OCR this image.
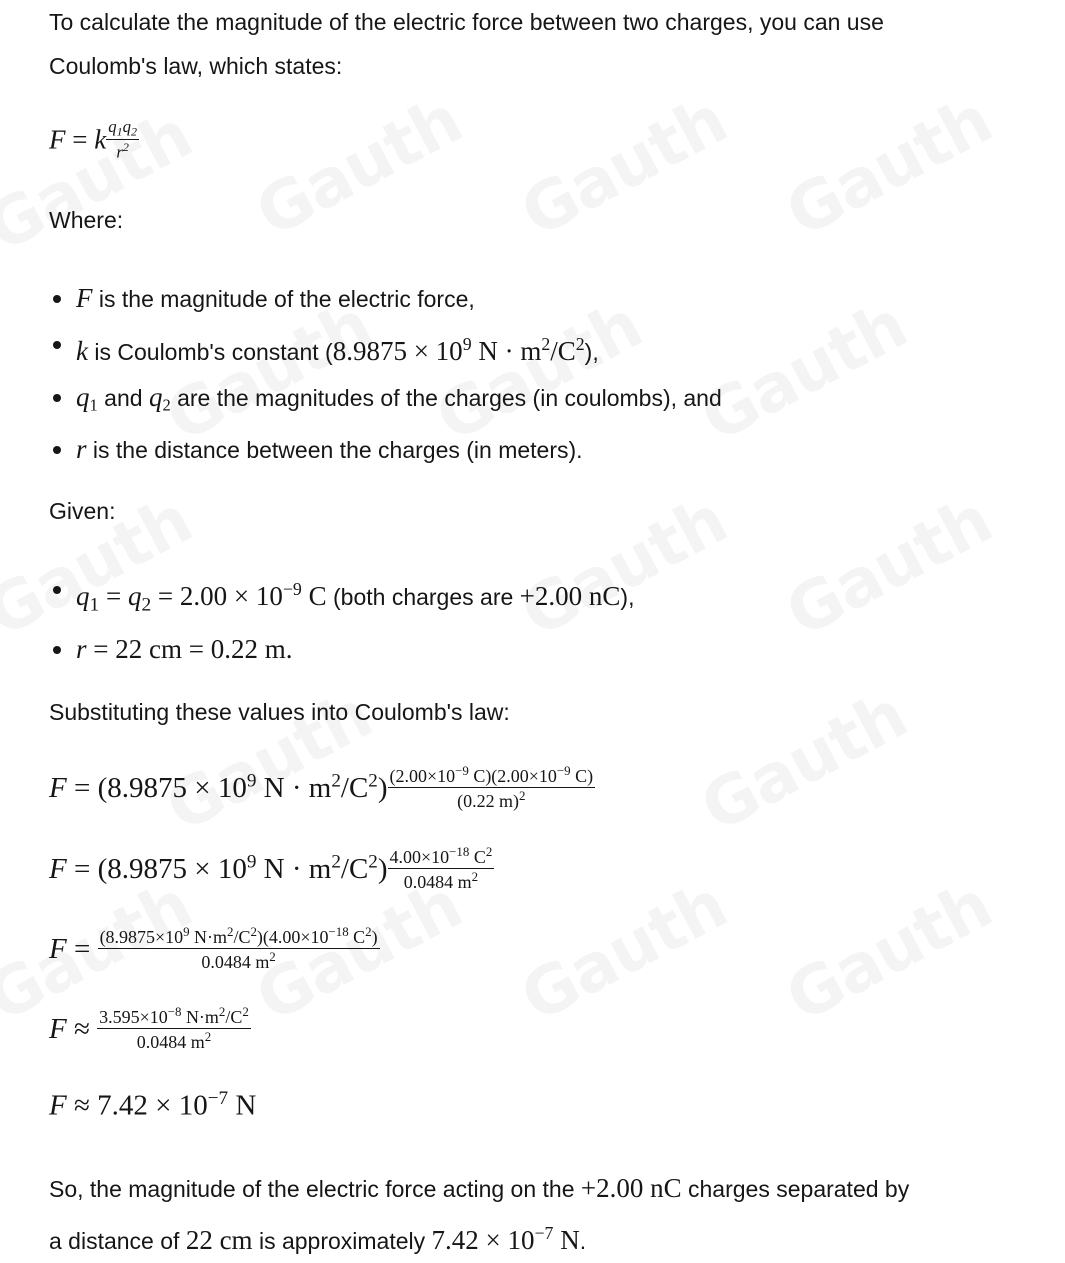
To calculate the magnitude of the electric force between two charges, you can use

Coulomb's law, which states:

F = k $\frac{q_1q_2}{r^2}$

Where:

F is the magnitude of the electric force,
k is Coulomb's constant ($8.9875 \times 10^9$ $N \cdot m^2/C^2$),
$q_1$ and $q_2$ are the magnitudes of the charges (in coulombs), and
r is the distance between the charges (in meters).

Given:

$q_1 = q_2 = 2.00 \times 10^{-9}$ C (both charges are +2.00 nC),
r = 22 cm = 0.22 m.

Substituting these values into Coulomb's law:

$F = (8.9875 \times 10^9$ $N \cdot m^2/C^2) \frac{(2.00\times 10^{-9} C)(2.00\times 10^{-9} C)}{(0.22 m)^2}$
$F = (8.9875 \times 10^9$ $N \cdot m^2/C^2) \frac{4.00\times 10^{-18} C^2}{0.0484 m^2}$
$F = \frac{(8.9875\times 10^9 N\cdot m^2/C^2)(4.00\times 10^{-18} C^2)}{0.0484 m^2}$
$F \approx \frac{3.595\times 10^{-8} N\cdot m^2/C^2}{0.0484 m^2}$
$F \approx 7.42 \times 10^{-7}$ N

So, the magnitude of the electric force acting on the +2.00 nC charges separated by

a distance of 22 cm is approximately $7.42 \times 10^{-7}$ N.
